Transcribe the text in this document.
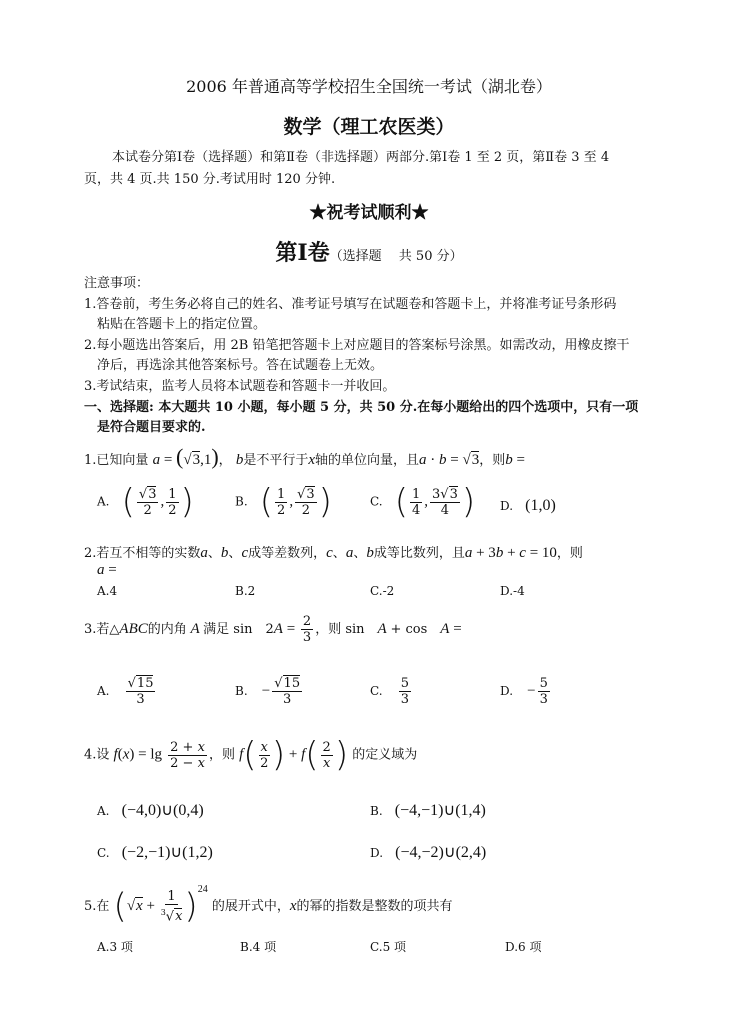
2006 年普通高等学校招生全国统一考试（湖北卷）
数学（理工农医类）
本试卷分第Ⅰ卷（选择题）和第Ⅱ卷（非选择题）两部分.第Ⅰ卷 1 至 2 页，第Ⅱ卷 3 至 4
页，共 4 页.共 150 分.考试用时 120 分钟.
★祝考试顺利★
第Ⅰ卷（选择题　 共 50 分）
注意事项：
1.答卷前，考生务必将自己的姓名、准考证号填写在试题卷和答题卡上，并将准考证号条形码
粘贴在答题卡上的指定位置。
2.每小题选出答案后，用 2B 铅笔把答题卡上对应题目的答案标号涂黑。如需改动，用橡皮擦干
净后，再选涂其他答案标号。答在试题卷上无效。
3.考试结束，监考人员将本试题卷和答题卡一并收回。
一、选择题: 本大题共 10 小题，每小题 5 分，共 50 分.在每小题给出的四个选项中，只有一项
是符合题目要求的.
1.已知向量 a = (√3,1)， b是不平行于x轴的单位向量，且a · b = √3，则b =
A. ( $\frac{√3}{2}$ , $\frac{1}{2}$ )	B. ( $\frac{1}{2}$ , $\frac{√3}{2}$ )	C. ( $\frac{1}{4}$ , $\frac{3√3}{4}$ ) D. (1,0)
2.若互不相等的实数a、b、c成等差数列，c、a、b成等比数列，且a + 3b + c = 10，则
a =
A.4	B.2	C.-2	D.-4
3.若△ABC的内角 A 满足 sin　$2A = \frac{2}{3}$ ，则 sin　A + cos　A =
A. $\frac{√15}{3}$	B. − $\frac{√15}{3}$	C. $\frac{5}{3}$	D. − $\frac{5}{3}$
4.设 $f(x) = \lg \frac{2 + x}{2 - x}$ ，则 $f( \frac{x}{2}$ ) + $f( \frac{2}{x}$ ) 的定义域为
A. (−4,0)∪(0,4)	B. (−4,−1)∪(1,4)
C. (−2,−1)∪(1,2)	D. (−4,−2)∪(2,4)
5.在 $(√x + \frac{1}{^3√x} )^{24}$ 的展开式中，x的幂的指数是整数的项共有
A.3 项	B.4 项	C.5 项	D.6 项
